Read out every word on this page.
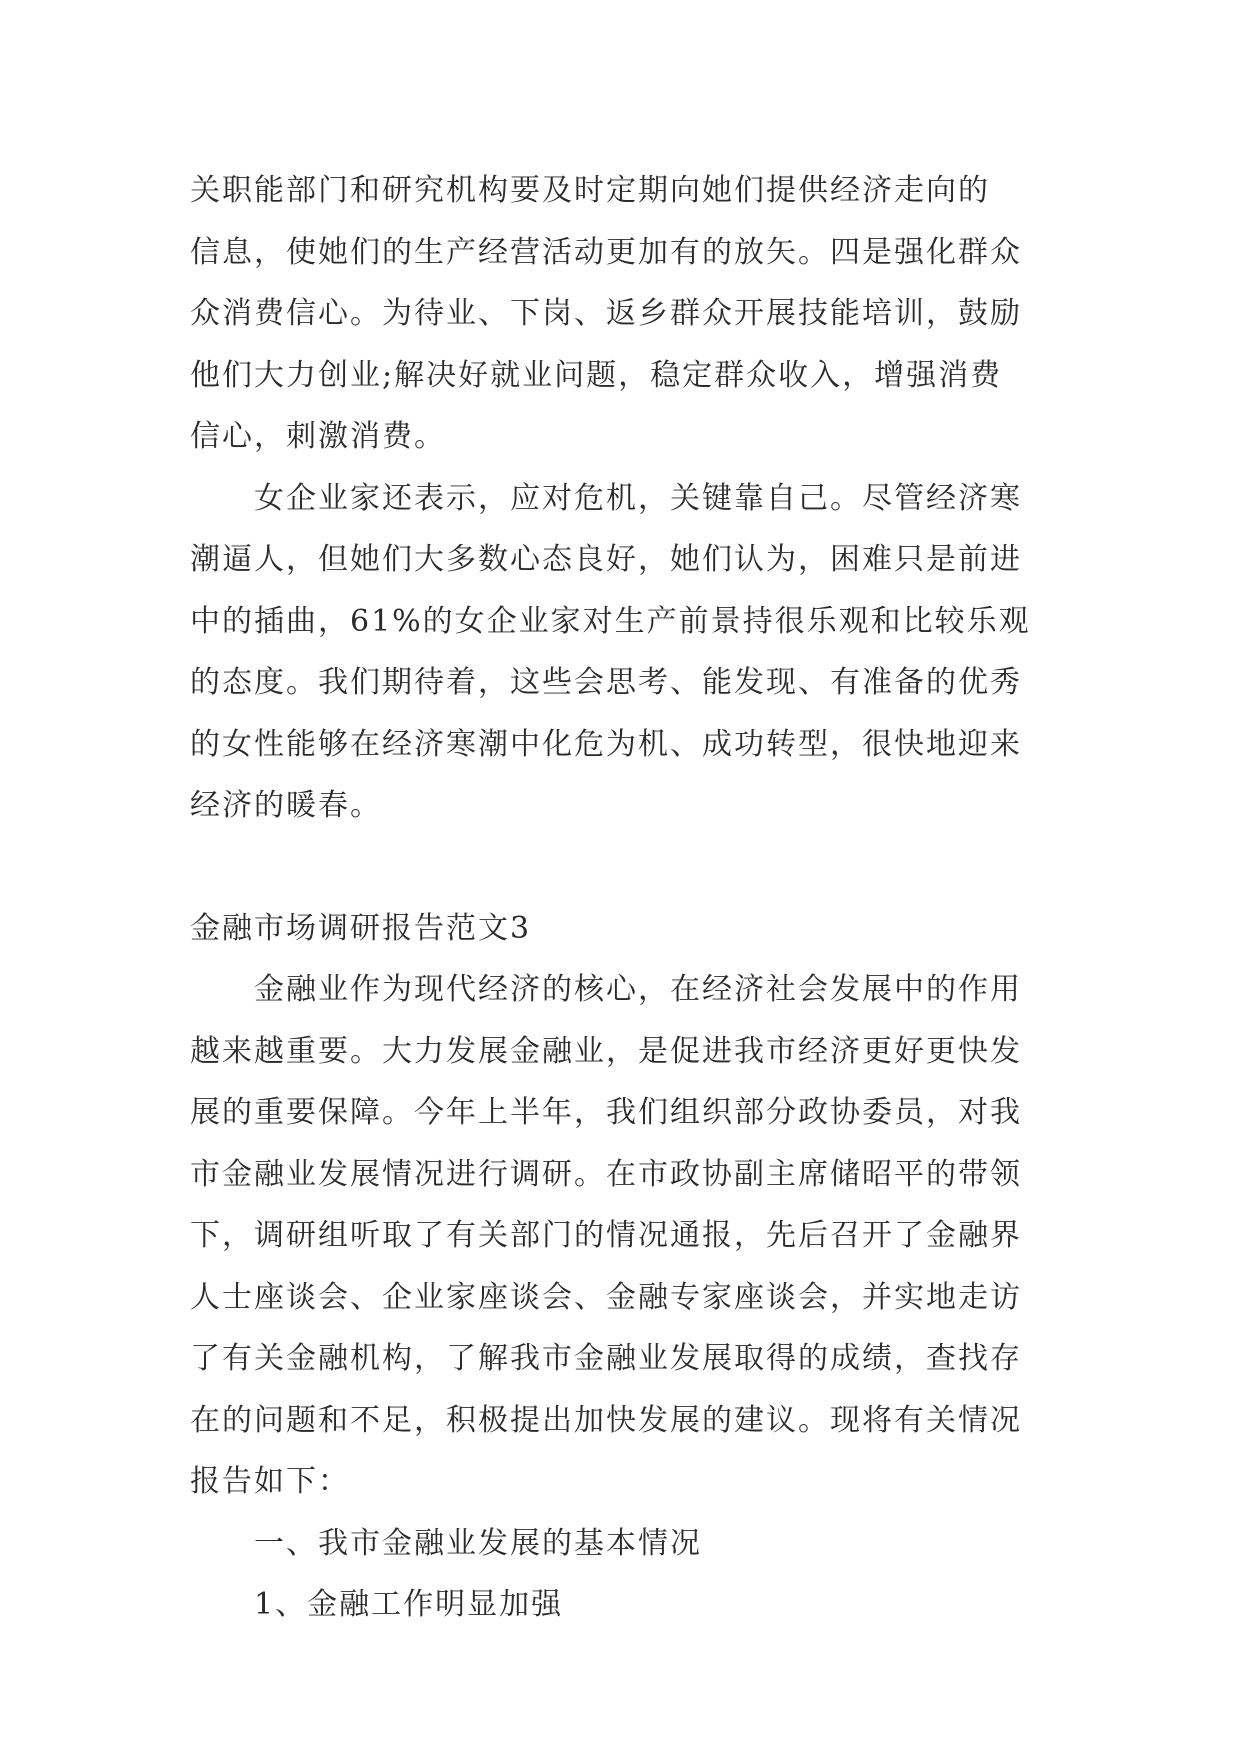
关职能部门和研究机构要及时定期向她们提供经济走向的
信息，使她们的生产经营活动更加有的放矢。四是强化群众
众消费信心。为待业、下岗、返乡群众开展技能培训，鼓励
他们大力创业;解决好就业问题，稳定群众收入，增强消费
信心，刺激消费。
女企业家还表示，应对危机，关键靠自己。尽管经济寒
潮逼人，但她们大多数心态良好，她们认为，困难只是前进
中的插曲，61%的女企业家对生产前景持很乐观和比较乐观
的态度。我们期待着，这些会思考、能发现、有准备的优秀
的女性能够在经济寒潮中化危为机、成功转型，很快地迎来
经济的暖春。
金融市场调研报告范文3
金融业作为现代经济的核心，在经济社会发展中的作用
越来越重要。大力发展金融业，是促进我市经济更好更快发
展的重要保障。今年上半年，我们组织部分政协委员，对我
市金融业发展情况进行调研。在市政协副主席储昭平的带领
下，调研组听取了有关部门的情况通报，先后召开了金融界
人士座谈会、企业家座谈会、金融专家座谈会，并实地走访
了有关金融机构，了解我市金融业发展取得的成绩，查找存
在的问题和不足，积极提出加快发展的建议。现将有关情况
报告如下：
一、我市金融业发展的基本情况
1、金融工作明显加强
